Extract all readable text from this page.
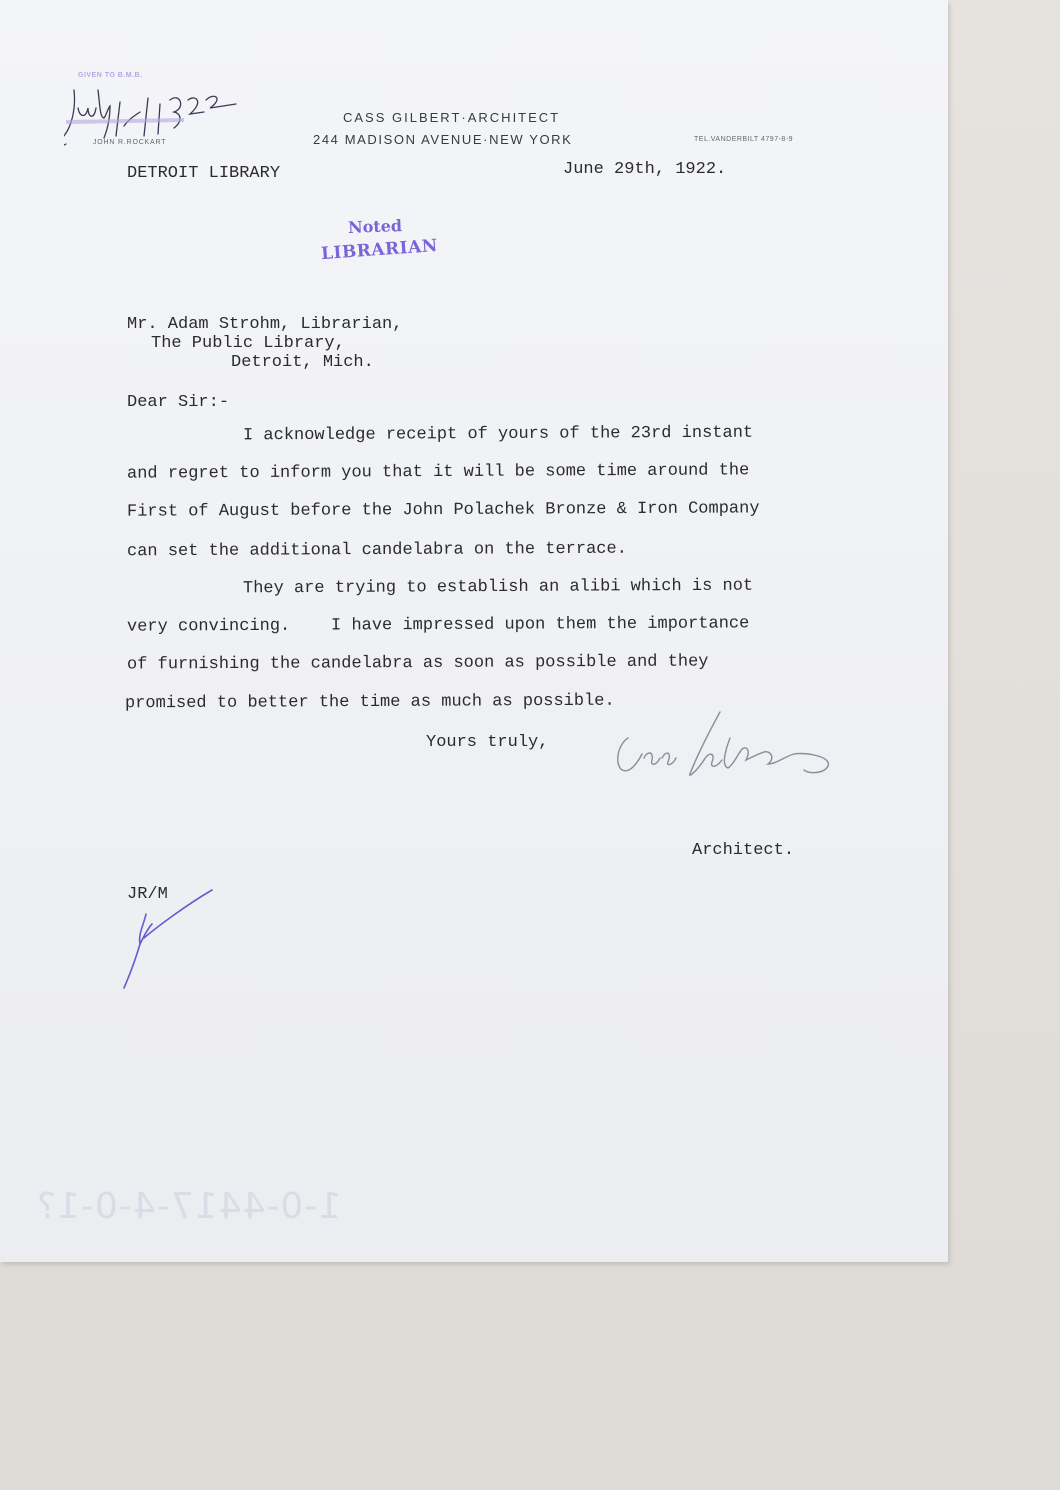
GIVEN TO B.M.B.
CASS GILBERT·ARCHITECT
244 MADISON AVENUE·NEW YORK	TEL.VANDERBILT 4797-8-9
JOHN R.ROCKART
DETROIT LIBRARY	June 29th, 1922.
Noted
LIBRARIAN
Mr. Adam Strohm, Librarian,
The Public Library,
Detroit, Mich.
Dear Sir:-
I acknowledge receipt of yours of the 23rd instant
and regret to inform you that it will be some time around the
First of August before the John Polachek Bronze & Iron Company
can set the additional candelabra on the terrace.
They are trying to establish an alibi which is not
very convincing.    I have impressed upon them the importance
of furnishing the candelabra as soon as possible and they
promised to better the time as much as possible.
Yours truly,
Architect.
JR/M
1-0-4417-4-0-1?
